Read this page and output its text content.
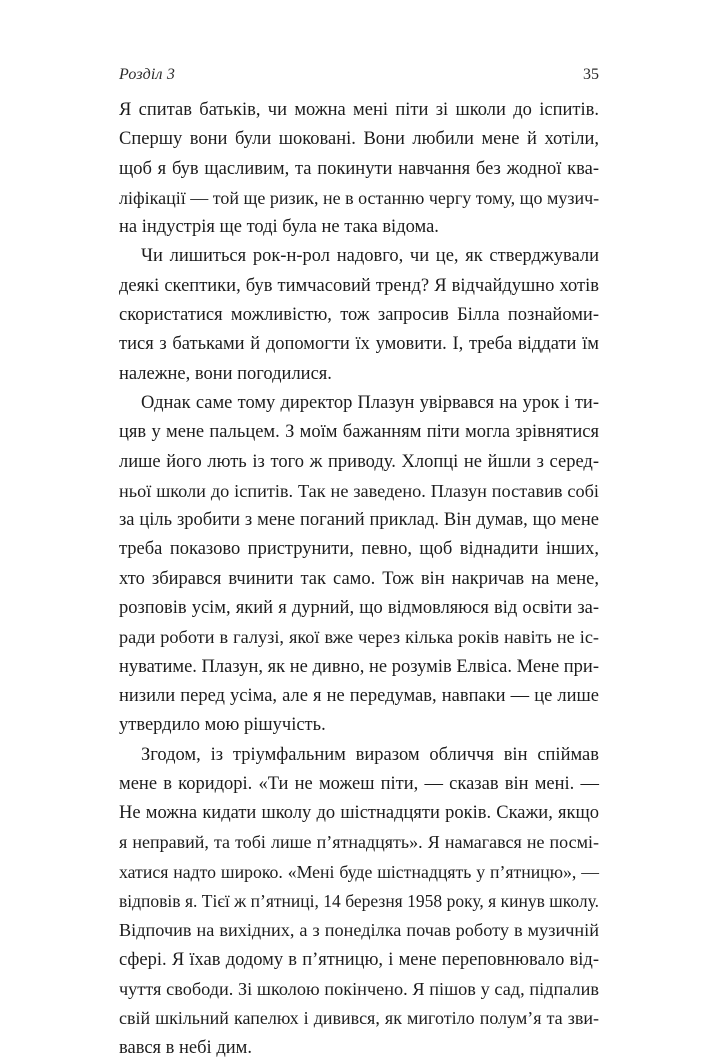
Розділ 3	35
Я спитав батьків, чи можна мені піти зі школи до іспитів.
Спершу вони були шоковані. Вони любили мене й хотіли,
щоб я був щасливим, та покинути навчання без жодної ква-
ліфікації — той ще ризик, не в останню чергу тому, що музич-
на індустрія ще тоді була не така відома.
Чи лишиться рок-н-рол надовго, чи це, як стверджували
деякі скептики, був тимчасовий тренд? Я відчайдушно хотів
скористатися можливістю, тож запросив Білла познайоми-
тися з батьками й допомогти їх умовити. І, треба віддати їм
належне, вони погодилися.
Однак саме тому директор Плазун увірвався на урок і ти-
цяв у мене пальцем. З моїм бажанням піти могла зрівнятися
лише його лють із того ж приводу. Хлопці не йшли з серед-
ньої школи до іспитів. Так не заведено. Плазун поставив собі
за ціль зробити з мене поганий приклад. Він думав, що мене
треба показово приструнити, певно, щоб віднадити інших,
хто збирався вчинити так само. Тож він накричав на мене,
розповів усім, який я дурний, що відмовляюся від освіти за-
ради роботи в галузі, якої вже через кілька років навіть не іс-
нуватиме. Плазун, як не дивно, не розумів Елвіса. Мене при-
низили перед усіма, але я не передумав, навпаки — це лише
утвердило мою рішучість.
Згодом, із тріумфальним виразом обличчя він спіймав
мене в коридорі. «Ти не можеш піти, — сказав він мені. —
Не можна кидати школу до шістнадцяти років. Скажи, якщо
я неправий, та тобі лише п’ятнадцять». Я намагався не посмі-
хатися надто широко. «Мені буде шістнадцять у п’ятницю», —
відповів я. Тієї ж п’ятниці, 14 березня 1958 року, я кинув школу.
Відпочив на вихідних, а з понеділка почав роботу в музичній
сфері. Я їхав додому в п’ятницю, і мене переповнювало від-
чуття свободи. Зі школою покінчено. Я пішов у сад, підпалив
свій шкільний капелюх і дивився, як миготіло полум’я та зви-
вався в небі дим.
